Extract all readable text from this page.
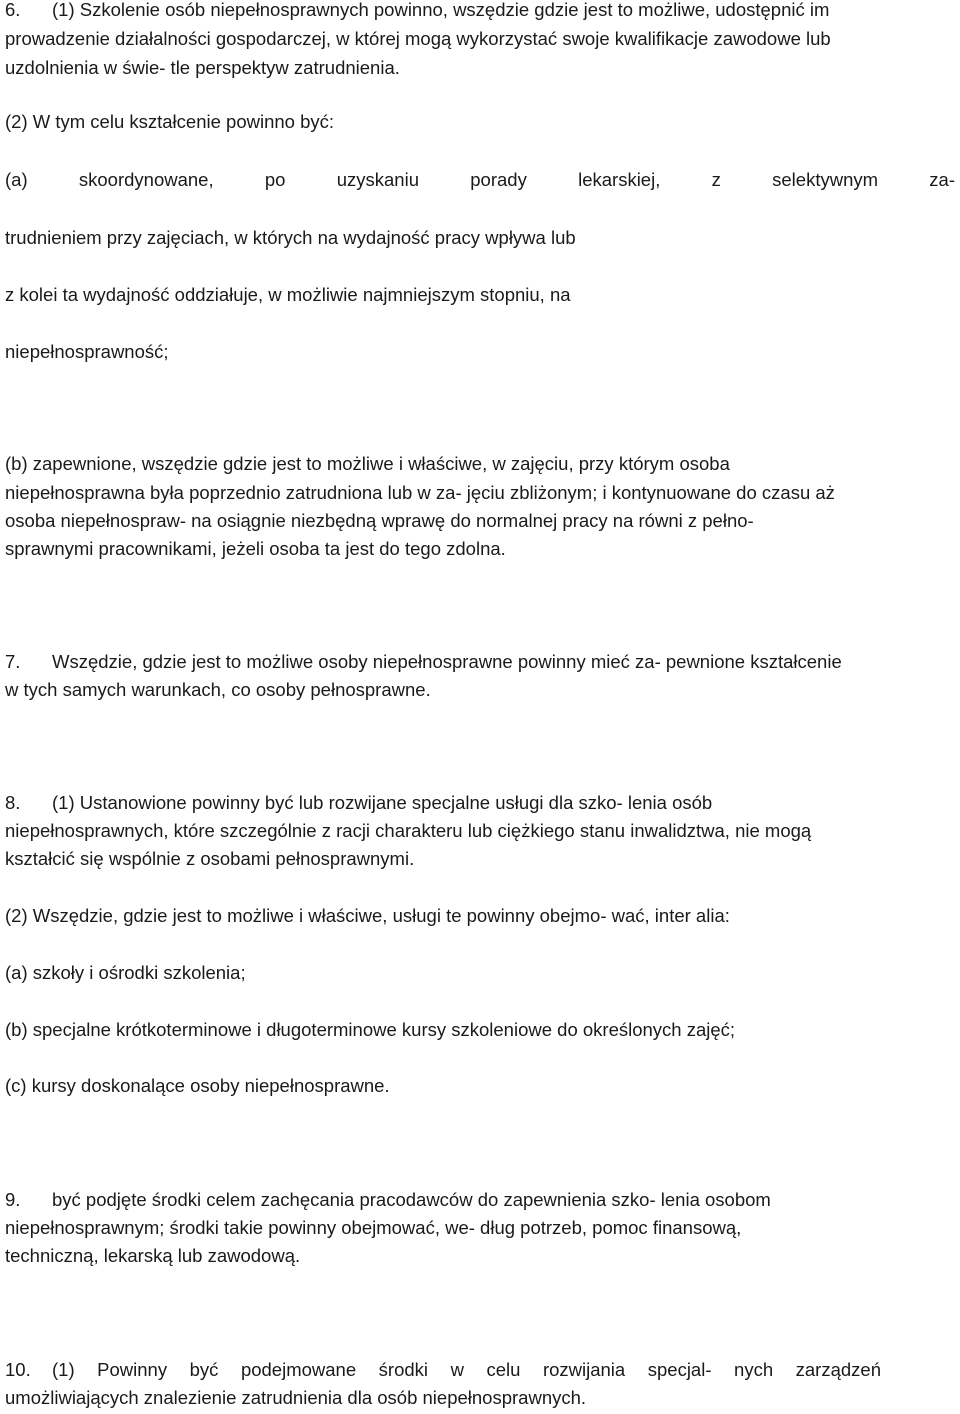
6. (1) Szkolenie osób niepełnosprawnych powinno, wszędzie gdzie jest to możliwe, udostępnić im
prowadzenie działalności gospodarczej, w której mogą wykorzystać swoje kwalifikacje zawodowe lub
uzdolnienia w świe- tle perspektyw zatrudnienia.
(2) W tym celu kształcenie powinno być:
(a) skoordynowane, po uzyskaniu porady lekarskiej, z selektywnym za-
trudnieniem przy zajęciach, w których na wydajność pracy wpływa lub
z kolei ta wydajność oddziałuje, w możliwie najmniejszym stopniu, na
niepełnosprawność;
(b) zapewnione, wszędzie gdzie jest to możliwe i właściwe, w zajęciu, przy którym osoba
niepełnosprawna była poprzednio zatrudniona lub w za- jęciu zbliżonym; i kontynuowane do czasu aż
osoba niepełnospraw- na osiągnie niezbędną wprawę do normalnej pracy na równi z pełno-
sprawnymi pracownikami, jeżeli osoba ta jest do tego zdolna.
7. Wszędzie, gdzie jest to możliwe osoby niepełnosprawne powinny mieć za- pewnione kształcenie
w tych samych warunkach, co osoby pełnosprawne.
8. (1) Ustanowione powinny być lub rozwijane specjalne usługi dla szko- lenia osób
niepełnosprawnych, które szczególnie z racji charakteru lub ciężkiego stanu inwalidztwa, nie mogą
kształcić się wspólnie z osobami pełnosprawnymi.
(2) Wszędzie, gdzie jest to możliwe i właściwe, usługi te powinny obejmo- wać, inter alia:
(a) szkoły i ośrodki szkolenia;
(b) specjalne krótkoterminowe i długoterminowe kursy szkoleniowe do określonych zajęć;
(c) kursy doskonalące osoby niepełnosprawne.
9. być podjęte środki celem zachęcania pracodawców do zapewnienia szko- lenia osobom
niepełnosprawnym; środki takie powinny obejmować, we- dług potrzeb, pomoc finansową,
techniczną, lekarską lub zawodową.
10. (1) Powinny być podejmowane środki w celu rozwijania specjal- nych zarządzeń
umożliwiających znalezienie zatrudnienia dla osób niepełnosprawnych.
